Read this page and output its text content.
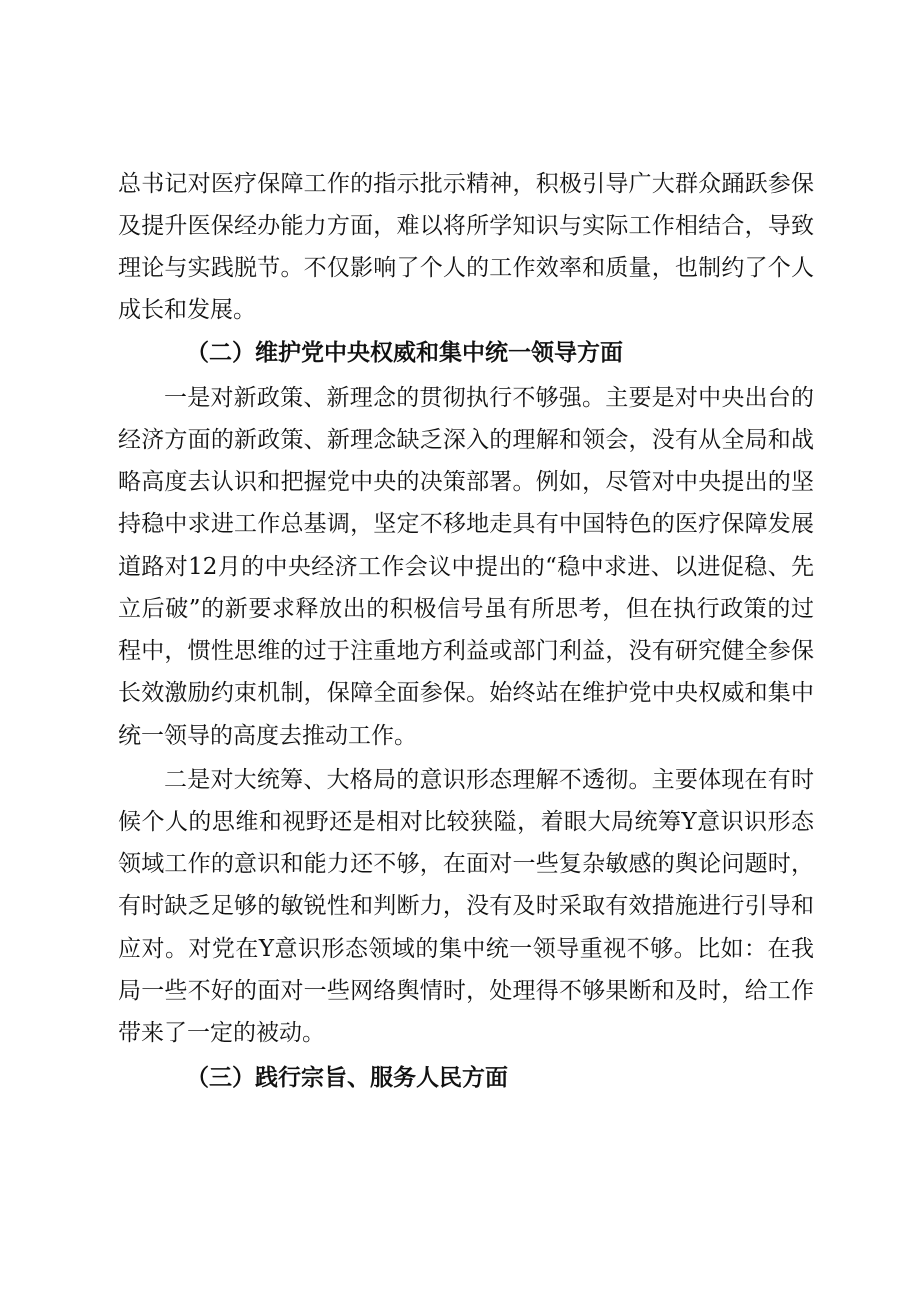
总书记对医疗保障工作的指示批示精神，积极引导广大群众踊跃参保
及提升医保经办能力方面，难以将所学知识与实际工作相结合，导致
理论与实践脱节。不仅影响了个人的工作效率和质量，也制约了个人
成长和发展。
（二）维护党中央权威和集中统一领导方面
一是对新政策、新理念的贯彻执行不够强。主要是对中央出台的
经济方面的新政策、新理念缺乏深入的理解和领会，没有从全局和战
略高度去认识和把握党中央的决策部署。例如，尽管对中央提出的坚
持稳中求进工作总基调，坚定不移地走具有中国特色的医疗保障发展
道路对12月的中央经济工作会议中提出的“稳中求进、以进促稳、先
立后破”的新要求释放出的积极信号虽有所思考，但在执行政策的过
程中，惯性思维的过于注重地方利益或部门利益，没有研究健全参保
长效激励约束机制，保障全面参保。始终站在维护党中央权威和集中
统一领导的高度去推动工作。
二是对大统筹、大格局的意识形态理解不透彻。主要体现在有时
候个人的思维和视野还是相对比较狭隘，着眼大局统筹Y意识识形态
领域工作的意识和能力还不够，在面对一些复杂敏感的舆论问题时，
有时缺乏足够的敏锐性和判断力，没有及时采取有效措施进行引导和
应对。对党在Y意识形态领域的集中统一领导重视不够。比如：在我
局一些不好的面对一些网络舆情时，处理得不够果断和及时，给工作
带来了一定的被动。
（三）践行宗旨、服务人民方面
